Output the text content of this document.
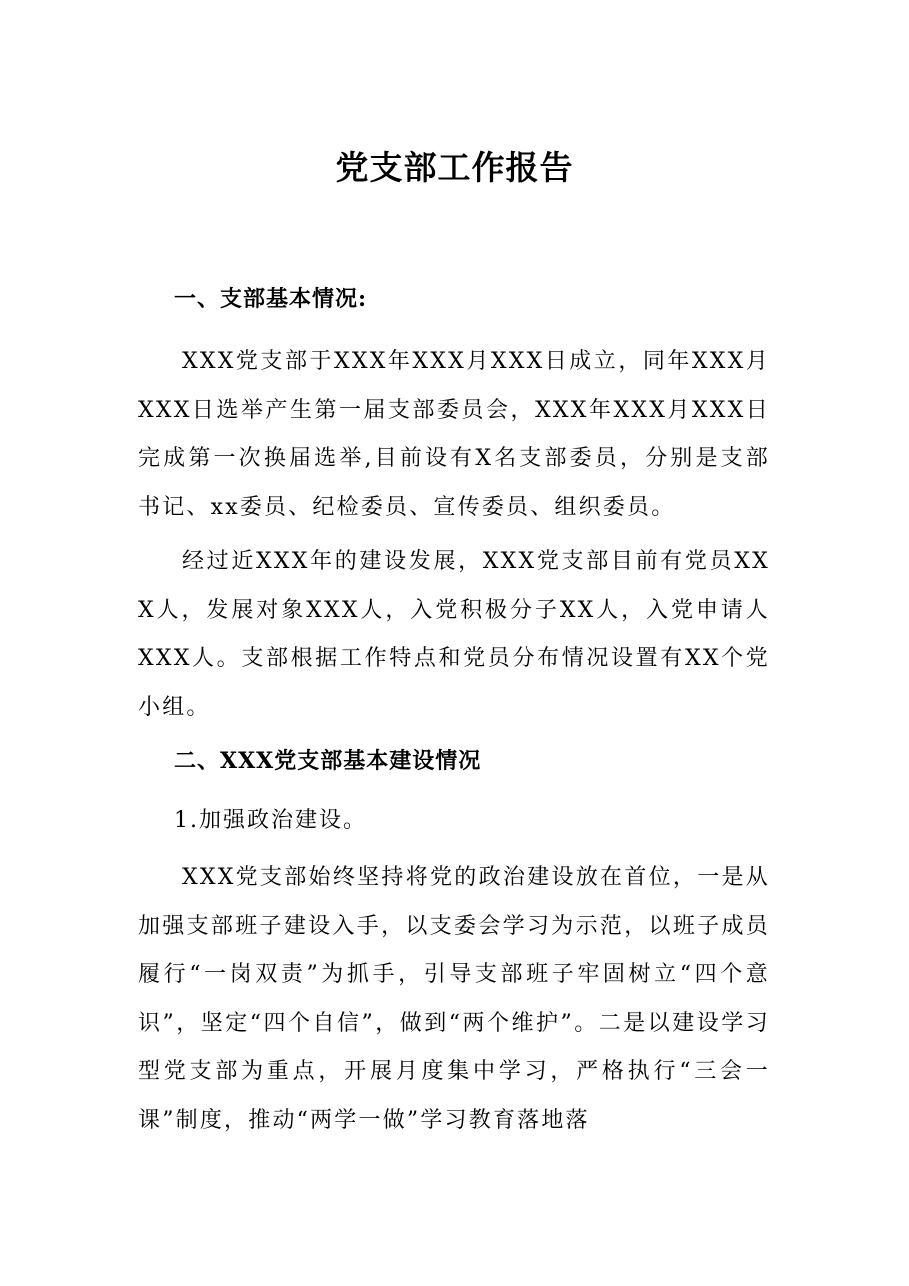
党支部工作报告
一、支部基本情况:
XXX党支部于XXX年XXX月XXX日成立，同年XXX月XXX日选举产生第一届支部委员会，XXX年XXX月XXX日完成第一次换届选举,目前设有X名支部委员，分别是支部书记、xx委员、纪检委员、宣传委员、组织委员。
经过近XXX年的建设发展，XXX党支部目前有党员XXX人，发展对象XXX人，入党积极分子XX人，入党申请人XXX人。支部根据工作特点和党员分布情况设置有XX个党小组。
二、XXX党支部基本建设情况
1.加强政治建设。
XXX党支部始终坚持将党的政治建设放在首位，一是从加强支部班子建设入手，以支委会学习为示范，以班子成员履行“一岗双责”为抓手，引导支部班子牢固树立“四个意识”，坚定“四个自信”，做到“两个维护”。二是以建设学习型党支部为重点，开展月度集中学习，严格执行“三会一课”制度，推动“两学一做”学习教育落地落
